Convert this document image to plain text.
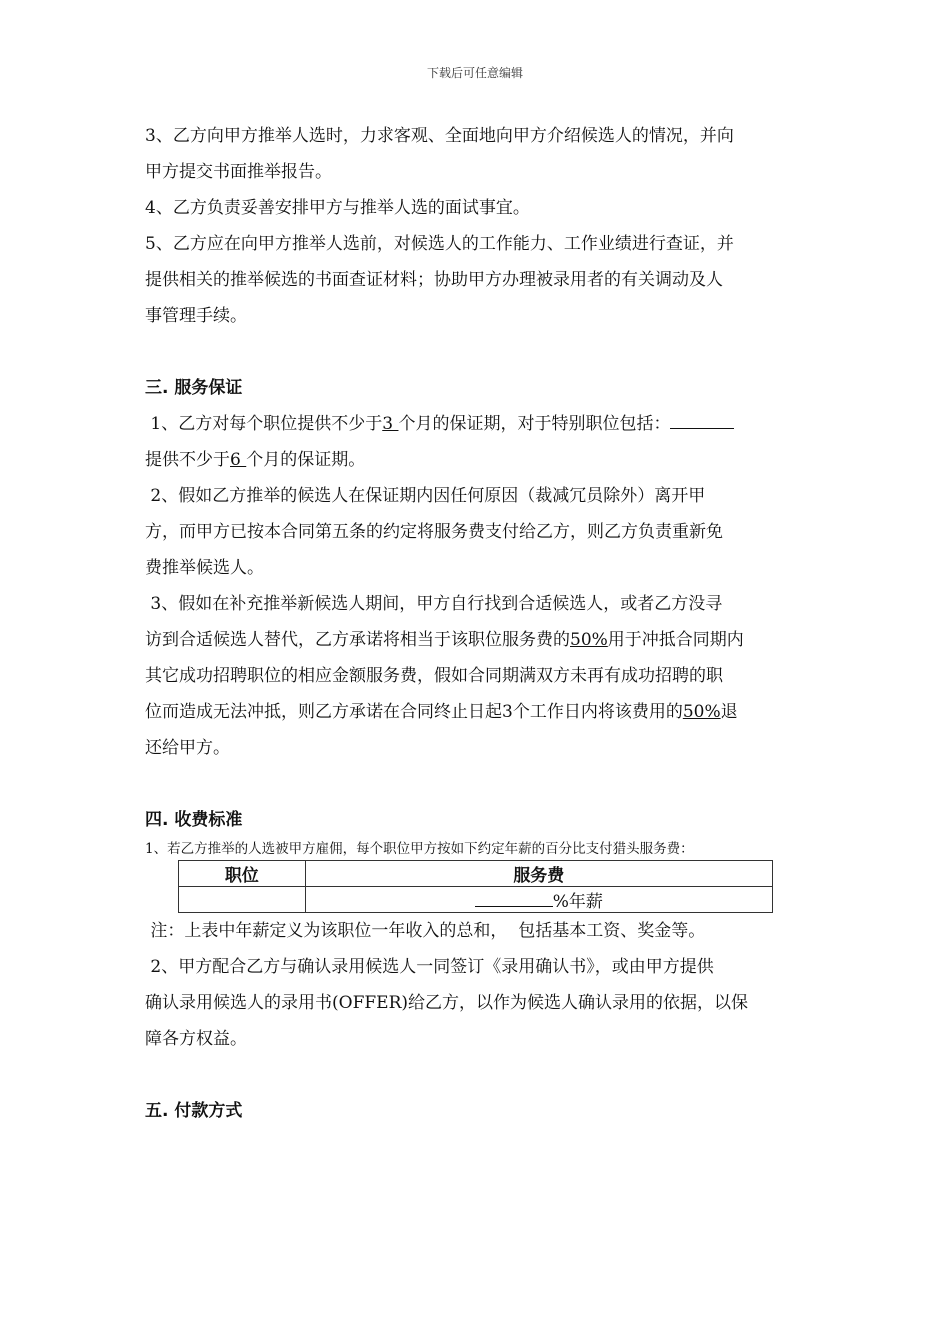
下载后可任意编辑

3、乙方向甲方推举人选时，力求客观、全面地向甲方介绍候选人的情况，并向

甲方提交书面推举报告。

4、乙方负责妥善安排甲方与推举人选的面试事宜。

5、乙方应在向甲方推举人选前，对候选人的工作能力、工作业绩进行查证，并

提供相关的推举候选的书面查证材料；协助甲方办理被录用者的有关调动及人

事管理手续。

三. 服务保证

1、乙方对每个职位提供不少于3 个月的保证期，对于特别职位包括：

提供不少于6 个月的保证期。

2、假如乙方推举的候选人在保证期内因任何原因（裁减冗员除外）离开甲

方，而甲方已按本合同第五条的约定将服务费支付给乙方，则乙方负责重新免

费推举候选人。

3、假如在补充推举新候选人期间，甲方自行找到合适候选人，或者乙方没寻

访到合适候选人替代，乙方承诺将相当于该职位服务费的50%用于冲抵合同期内

其它成功招聘职位的相应金额服务费，假如合同期满双方未再有成功招聘的职

位而造成无法冲抵，则乙方承诺在合同终止日起3个工作日内将该费用的50%退

还给甲方。

四. 收费标准

1、若乙方推举的人选被甲方雇佣，每个职位甲方按如下约定年薪的百分比支付猎头服务费：

职位	服务费
	%年薪

注：上表中年薪定义为该职位一年收入的总和，  包括基本工资、奖金等。

2、甲方配合乙方与确认录用候选人一同签订《录用确认书》，或由甲方提供

确认录用候选人的录用书(OFFER)给乙方，以作为候选人确认录用的依据，以保

障各方权益。

五. 付款方式
